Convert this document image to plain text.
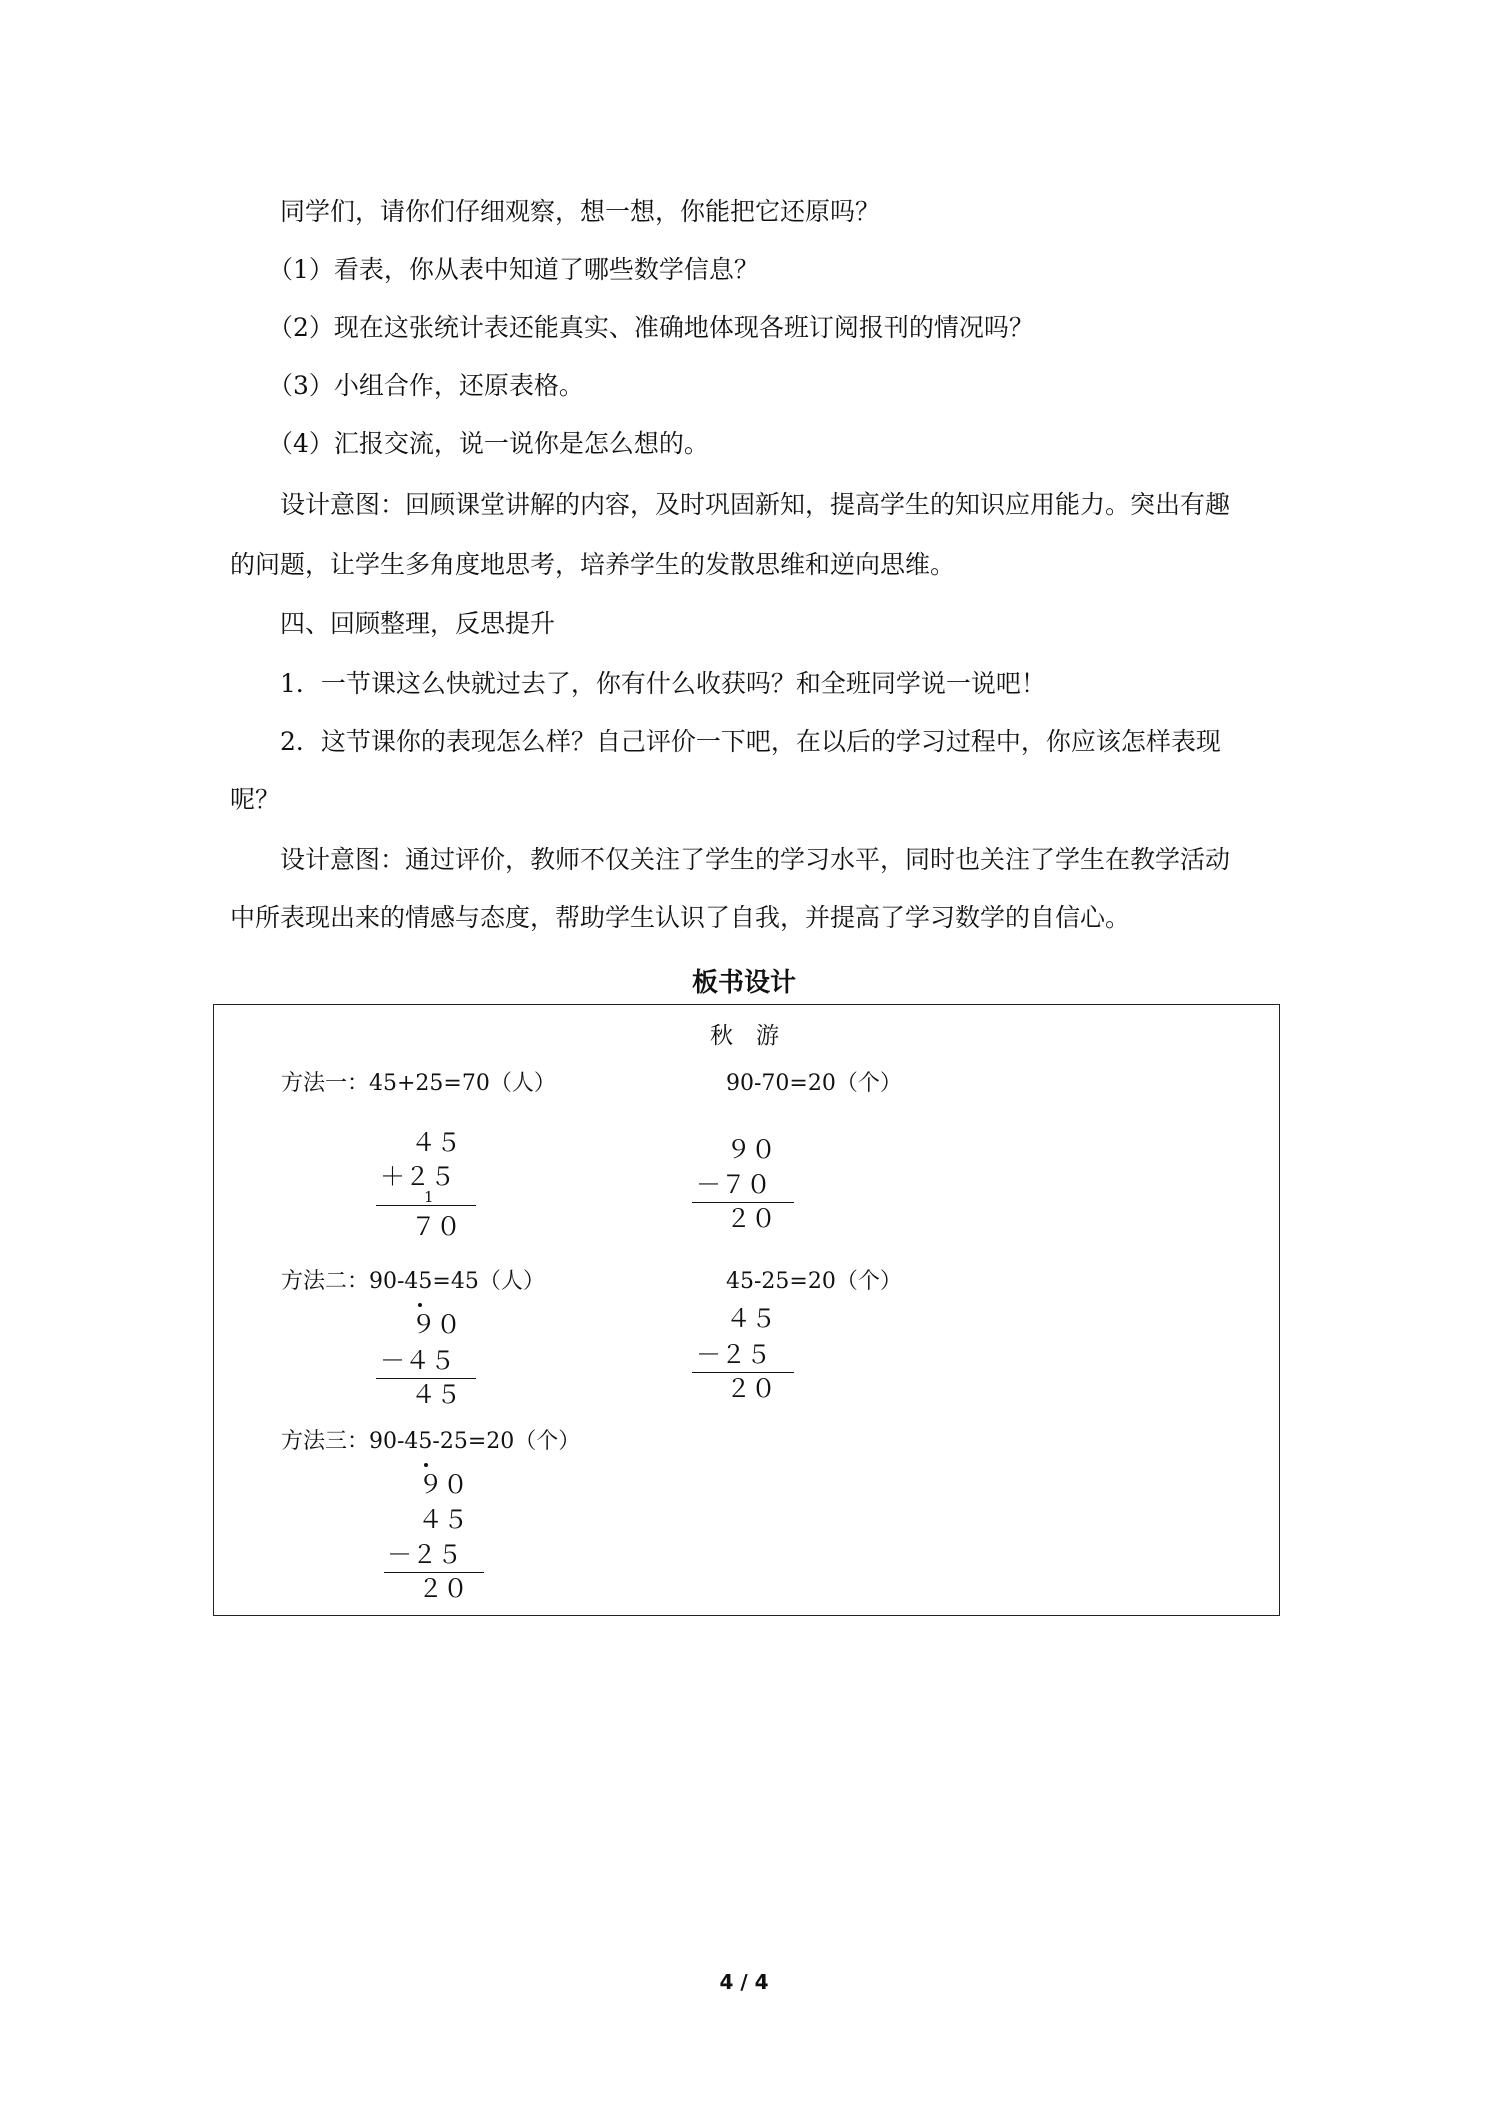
同学们，请你们仔细观察，想一想，你能把它还原吗？
（1）看表，你从表中知道了哪些数学信息？
（2）现在这张统计表还能真实、准确地体现各班订阅报刊的情况吗？
（3）小组合作，还原表格。
（4）汇报交流，说一说你是怎么想的。
设计意图：回顾课堂讲解的内容，及时巩固新知，提高学生的知识应用能力。突出有趣
的问题，让学生多角度地思考，培养学生的发散思维和逆向思维。
四、回顾整理，反思提升
1．一节课这么快就过去了，你有什么收获吗？和全班同学说一说吧！
2．这节课你的表现怎么样？自己评价一下吧，在以后的学习过程中，你应该怎样表现
呢？
设计意图：通过评价，教师不仅关注了学生的学习水平，同时也关注了学生在教学活动
中所表现出来的情感与态度，帮助学生认识了自我，并提高了学习数学的自信心。
板书设计
秋　游
方法一：45+25=70（人）	90-70=20（个）
４５
＋２５
1
７０
９０
－７０
２０
方法二：90-45=45（人）	45-25=20（个）
９０
－４５
４５
４５
－２５
２０
方法三：90-45-25=20（个）
９０
４５
－２５
２０
4 / 4
